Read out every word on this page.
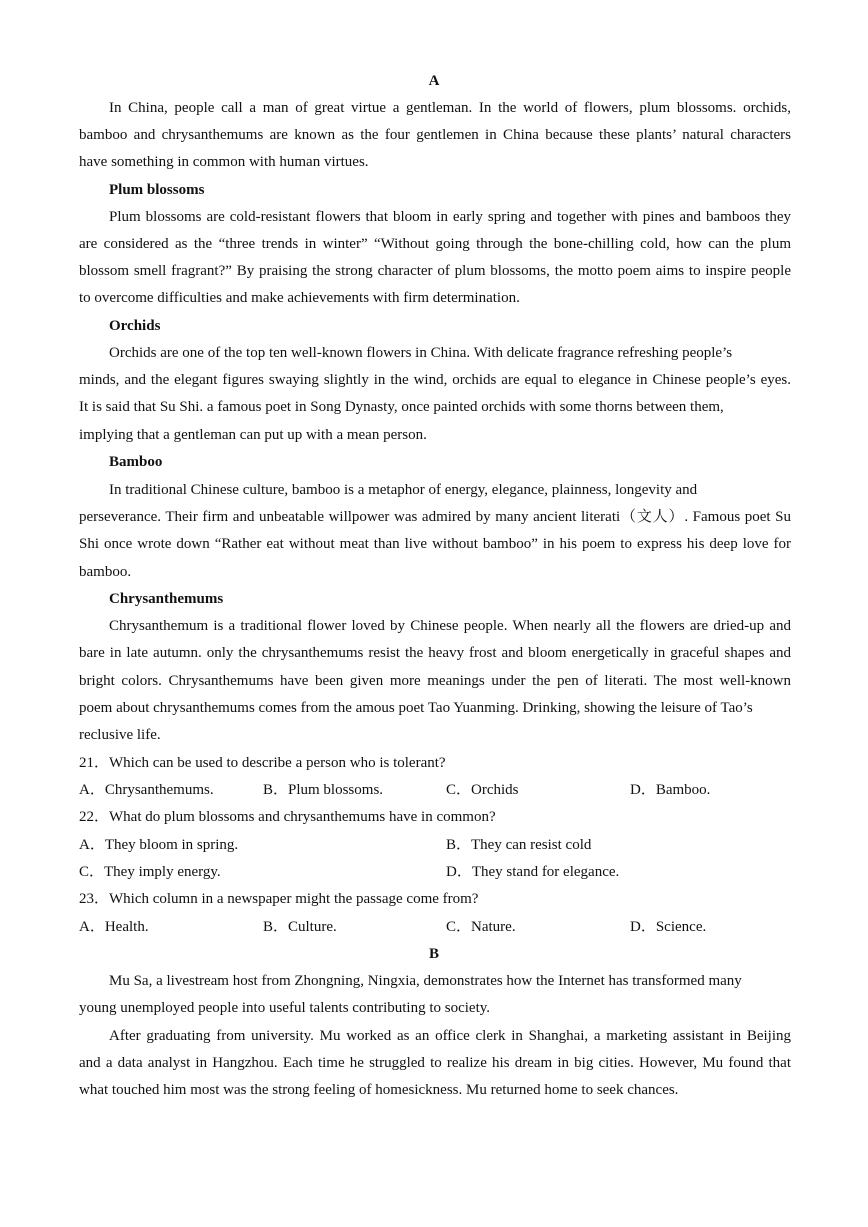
A
In China, people call a man of great virtue a gentleman. In the world of flowers, plum blossoms. orchids,
bamboo and chrysanthemums are known as the four gentlemen in China because these plants’ natural characters
have something in common with human virtues.
Plum blossoms
Plum blossoms are cold-resistant flowers that bloom in early spring and together with pines and bamboos they
are considered as the “three trends in winter” “Without going through the bone-chilling cold, how can the plum
blossom smell fragrant?” By praising the strong character of plum blossoms, the motto poem aims to inspire people
to overcome difficulties and make achievements with firm determination.
Orchids
Orchids are one of the top ten well-known flowers in China. With delicate fragrance refreshing people’s
minds, and the elegant figures swaying slightly in the wind, orchids are equal to elegance in Chinese people’s eyes.
It is said that Su Shi. a famous poet in Song Dynasty, once painted orchids with some thorns between them,
implying that a gentleman can put up with a mean person.
Bamboo
In traditional Chinese culture, bamboo is a metaphor of energy, elegance, plainness, longevity and
perseverance. Their firm and unbeatable willpower was admired by many ancient literati（文人）. Famous poet Su
Shi once wrote down “Rather eat without meat than live without bamboo” in his poem to express his deep love for
bamboo.
Chrysanthemums
Chrysanthemum is a traditional flower loved by Chinese people. When nearly all the flowers are dried-up and
bare in late autumn. only the chrysanthemums resist the heavy frost and bloom energetically in graceful shapes and
bright colors. Chrysanthemums have been given more meanings under the pen of literati. The most well-known
poem about chrysanthemums comes from the amous poet Tao Yuanming. Drinking, showing the leisure of Tao’s
reclusive life.
21．Which can be used to describe a person who is tolerant?
A．Chrysanthemums.	B．Plum blossoms.	C．Orchids	D．Bamboo.
22．What do plum blossoms and chrysanthemums have in common?
A．They bloom in spring.	B．They can resist cold
C．They imply energy.	D．They stand for elegance.
23．Which column in a newspaper might the passage come from?
A．Health.	B．Culture.	C．Nature.	D．Science.
B
Mu Sa, a livestream host from Zhongning, Ningxia, demonstrates how the Internet has transformed many
young unemployed people into useful talents contributing to society.
After graduating from university. Mu worked as an office clerk in Shanghai, a marketing assistant in Beijing
and a data analyst in Hangzhou. Each time he struggled to realize his dream in big cities. However, Mu found that
what touched him most was the strong feeling of homesickness. Mu returned home to seek chances.
